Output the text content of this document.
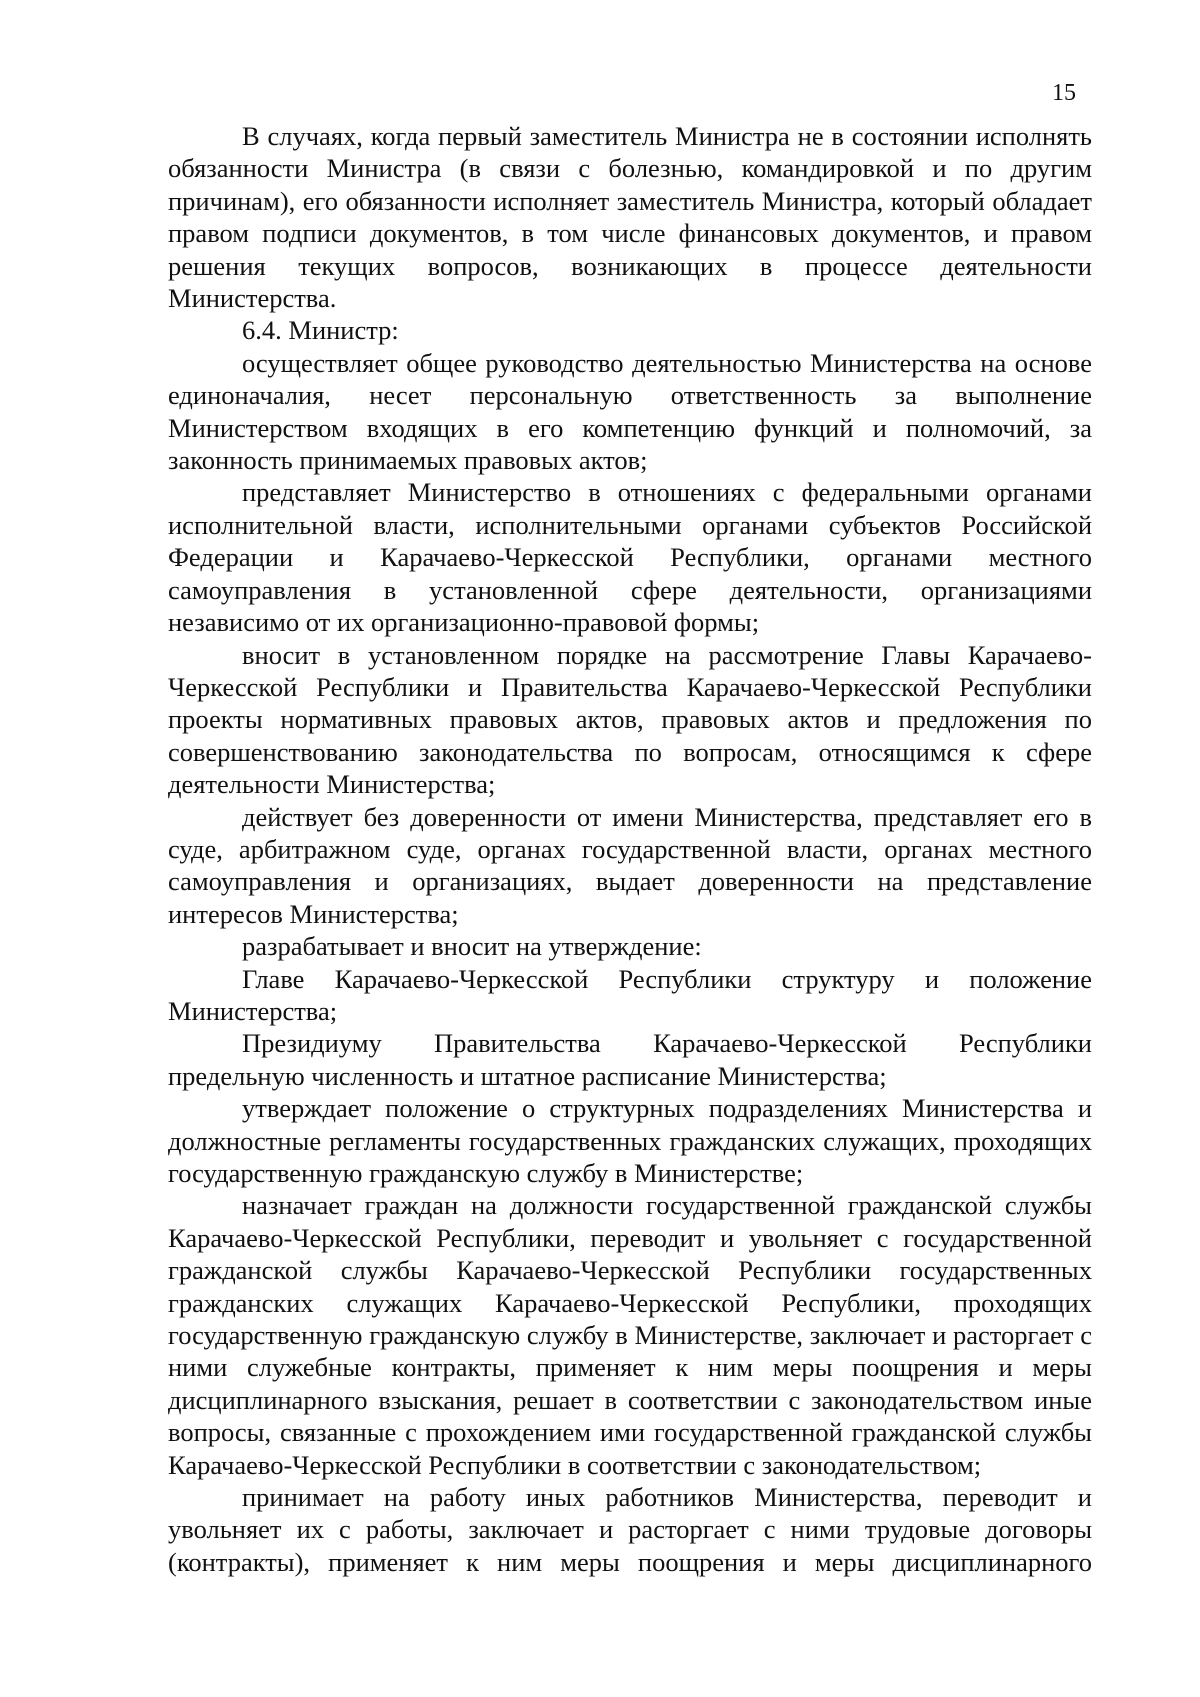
15

В случаях, когда первый заместитель Министра не в состоянии исполнять обязанности Министра (в связи с болезнью, командировкой и по другим причинам), его обязанности исполняет заместитель Министра, который обладает правом подписи документов, в том числе финансовых документов, и правом решения текущих вопросов, возникающих в процессе деятельности Министерства.

6.4. Министр:

осуществляет общее руководство деятельностью Министерства на основе единоначалия, несет персональную ответственность за выполнение Министерством входящих в его компетенцию функций и полномочий, за законность принимаемых правовых актов;

представляет Министерство в отношениях с федеральными органами исполнительной власти, исполнительными органами субъектов Российской Федерации и Карачаево-Черкесской Республики, органами местного самоуправления в установленной сфере деятельности, организациями независимо от их организационно-правовой формы;

вносит в установленном порядке на рассмотрение Главы Карачаево-Черкесской Республики и Правительства Карачаево-Черкесской Республики проекты нормативных правовых актов, правовых актов и предложения по совершенствованию законодательства по вопросам, относящимся к сфере деятельности Министерства;

действует без доверенности от имени Министерства, представляет его в суде, арбитражном суде, органах государственной власти, органах местного самоуправления и организациях, выдает доверенности на представление интересов Министерства;

разрабатывает и вносит на утверждение:

Главе Карачаево-Черкесской Республики структуру и положение Министерства;

Президиуму Правительства Карачаево-Черкесской Республики предельную численность и штатное расписание Министерства;

утверждает положение о структурных подразделениях Министерства и должностные регламенты государственных гражданских служащих, проходящих государственную гражданскую службу в Министерстве;

назначает граждан на должности государственной гражданской службы Карачаево-Черкесской Республики, переводит и увольняет с государственной гражданской службы Карачаево-Черкесской Республики государственных гражданских служащих Карачаево-Черкесской Республики, проходящих государственную гражданскую службу в Министерстве, заключает и расторгает с ними служебные контракты, применяет к ним меры поощрения и меры дисциплинарного взыскания, решает в соответствии с законодательством иные вопросы, связанные с прохождением ими государственной гражданской службы Карачаево-Черкесской Республики в соответствии с законодательством;

принимает на работу иных работников Министерства, переводит и увольняет их с работы, заключает и расторгает с ними трудовые договоры (контракты), применяет к ним меры поощрения и меры дисциплинарного
